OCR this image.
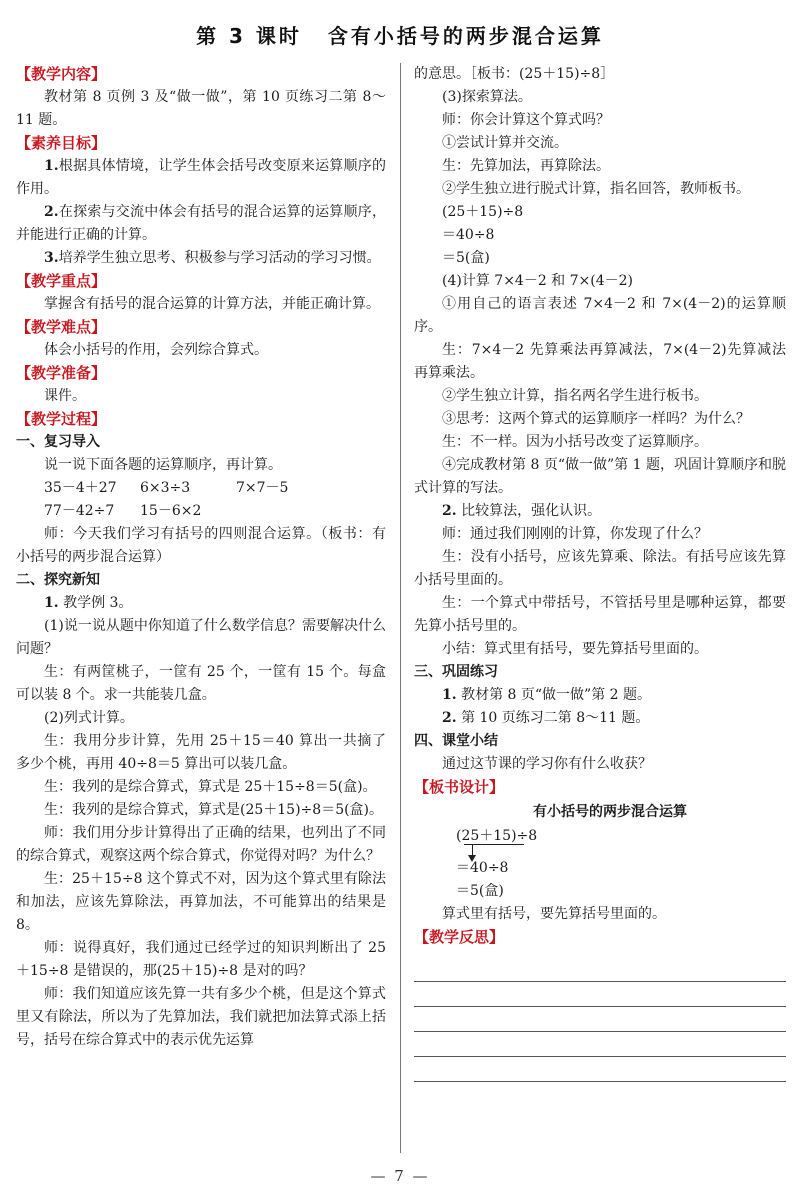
第 3 课时 含有小括号的两步混合运算
【教学内容】

教材第 8 页例 3 及“做一做”，第 10 页练习二第 8～11 题。

【素养目标】

1.根据具体情境，让学生体会括号改变原来运算顺序的作用。

2.在探索与交流中体会有括号的混合运算的运算顺序，并能进行正确的计算。

3.培养学生独立思考、积极参与学习活动的学习习惯。

【教学重点】

掌握含有括号的混合运算的计算方法，并能正确计算。

【教学难点】

体会小括号的作用，会列综合算式。

【教学准备】

课件。

【教学过程】
一、复习导入

说一说下面各题的运算顺序，再计算。

35－4＋27 6×3÷3	7×7－5
77－42÷7 15－6×2

师：今天我们学习有括号的四则混合运算。（板书：有小括号的两步混合运算）

二、探究新知

1. 教学例 3。

(1)说一说从题中你知道了什么数学信息？需要解决什么问题？

生：有两筐桃子，一筐有 25 个，一筐有 15 个。每盒可以装 8 个。求一共能装几盒。

(2)列式计算。

生：我用分步计算，先用 25＋15＝40 算出一共摘了多少个桃，再用 40÷8＝5 算出可以装几盒。

生：我列的是综合算式，算式是 25＋15÷8＝5(盒)。

生：我列的是综合算式，算式是(25＋15)÷8＝5(盒)。

师：我们用分步计算得出了正确的结果，也列出了不同的综合算式，观察这两个综合算式，你觉得对吗？为什么？

生：25＋15÷8 这个算式不对，因为这个算式里有除法和加法，应该先算除法，再算加法，不可能算出的结果是 8。

师：说得真好，我们通过已经学过的知识判断出了 25＋15÷8 是错误的，那(25＋15)÷8 是对的吗？

师：我们知道应该先算一共有多少个桃，但是这个算式里又有除法，所以为了先算加法，我们就把加法算式添上括号，括号在综合算式中的表示优先运算

的意思。［板书：(25＋15)÷8］

(3)探索算法。

师：你会计算这个算式吗？

①尝试计算并交流。

生：先算加法，再算除法。

②学生独立进行脱式计算，指名回答，教师板书。

(25＋15)÷8
＝40÷8
＝5(盒)

(4)计算 7×4－2 和 7×(4－2)

①用自己的语言表述 7×4－2 和 7×(4－2)的运算顺序。

生：7×4－2 先算乘法再算减法，7×(4－2)先算减法再算乘法。

②学生独立计算，指名两名学生进行板书。

③思考：这两个算式的运算顺序一样吗？为什么？

生：不一样。因为小括号改变了运算顺序。

④完成教材第 8 页“做一做”第 1 题，巩固计算顺序和脱式计算的写法。

2. 比较算法，强化认识。

师：通过我们刚刚的计算，你发现了什么？

生：没有小括号，应该先算乘、除法。有括号应该先算小括号里面的。

生：一个算式中带括号，不管括号里是哪种运算，都要先算小括号里的。

小结：算式里有括号，要先算括号里面的。

三、巩固练习

1. 教材第 8 页“做一做”第 2 题。

2. 第 10 页练习二第 8～11 题。

四、课堂小结

通过这节课的学习你有什么收获？

【板书设计】
有小括号的两步混合运算
(25＋15)÷8
＝40÷8
＝5(盒)

算式里有括号，要先算括号里面的。

【教学反思】
— 7 —
